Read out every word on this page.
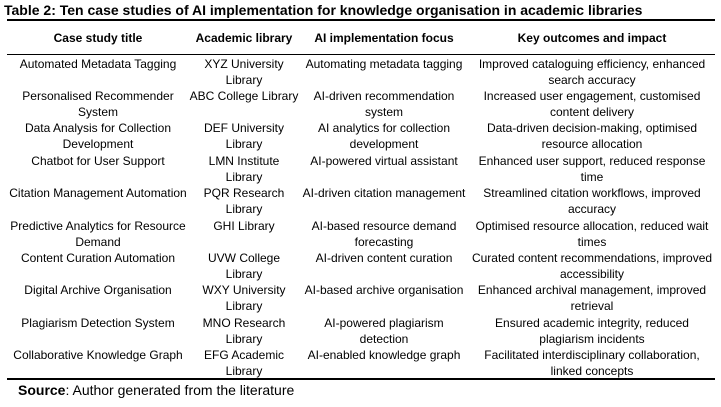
Table 2: Ten case studies of AI implementation for knowledge organisation in academic libraries
Case study title	Academic library	AI implementation focus	Key outcomes and impact
Automated Metadata Tagging	XYZ University Library	Automating metadata tagging	Improved cataloguing efficiency, enhanced search accuracy
Personalised Recommender System	ABC College Library	AI-driven recommendation system	Increased user engagement, customised content delivery
Data Analysis for Collection Development	DEF University Library	AI analytics for collection development	Data-driven decision-making, optimised resource allocation
Chatbot for User Support	LMN Institute Library	AI-powered virtual assistant	Enhanced user support, reduced response time
Citation Management Automation	PQR Research Library	AI-driven citation management	Streamlined citation workflows, improved accuracy
Predictive Analytics for Resource Demand	GHI Library	AI-based resource demand forecasting	Optimised resource allocation, reduced wait times
Content Curation Automation	UVW College Library	AI-driven content curation	Curated content recommendations, improved accessibility
Digital Archive Organisation	WXY University Library	AI-based archive organisation	Enhanced archival management, improved retrieval
Plagiarism Detection System	MNO Research Library	AI-powered plagiarism detection	Ensured academic integrity, reduced plagiarism incidents
Collaborative Knowledge Graph	EFG Academic Library	AI-enabled knowledge graph	Facilitated interdisciplinary collaboration, linked concepts
Source: Author generated from the literature
